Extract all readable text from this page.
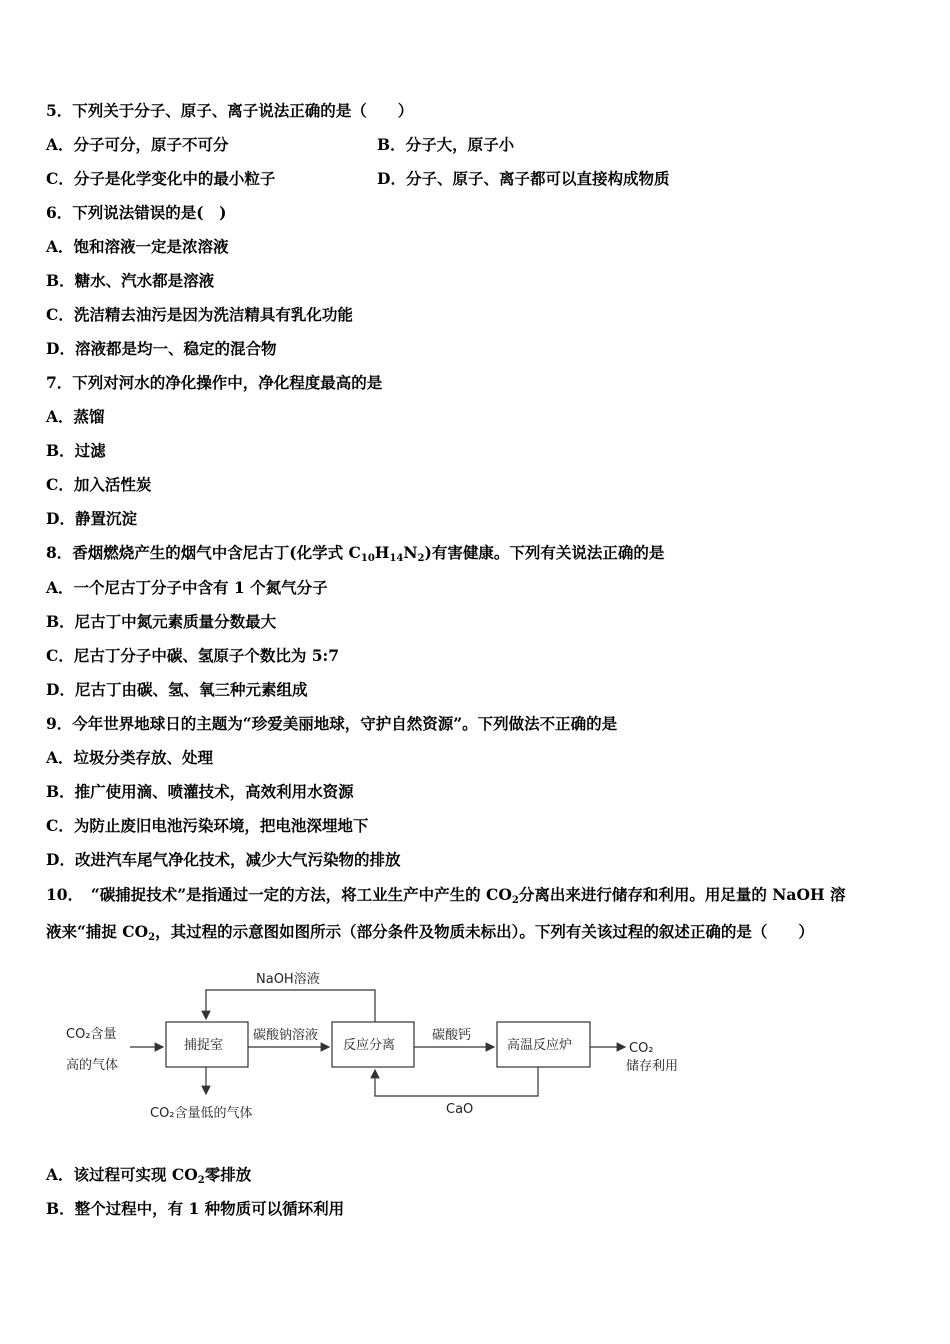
5．下列关于分子、原子、离子说法正确的是（　　）
A．分子可分，原子不可分	B．分子大，原子小
C．分子是化学变化中的最小粒子	D．分子、原子、离子都可以直接构成物质
6．下列说法错误的是(　)
A．饱和溶液一定是浓溶液
B．糖水、汽水都是溶液
C．洗洁精去油污是因为洗洁精具有乳化功能
D．溶液都是均一、稳定的混合物
7．下列对河水的净化操作中，净化程度最高的是
A．蒸馏
B．过滤
C．加入活性炭
D．静置沉淀
8．香烟燃烧产生的烟气中含尼古丁(化学式 $C_{10}H_{14}N_2$)有害健康。下列有关说法正确的是
A．一个尼古丁分子中含有 1 个氮气分子
B．尼古丁中氮元素质量分数最大
C．尼古丁分子中碳、氢原子个数比为 5:7
D．尼古丁由碳、氢、氧三种元素组成
9．今年世界地球日的主题为“珍爱美丽地球，守护自然资源”。下列做法不正确的是
A．垃圾分类存放、处理
B．推广使用滴、喷灌技术，高效利用水资源
C．为防止废旧电池污染环境，把电池深埋地下
D．改进汽车尾气净化技术，减少大气污染物的排放
10．　“碳捕捉技术”是指通过一定的方法，将工业生产中产生的 $CO_2$分离出来进行储存和利用。用足量的 NaOH 溶
液来“捕捉 $CO_2$，其过程的示意图如图所示（部分条件及物质未标出）。下列有关该过程的叙述正确的是（　　）
CO₂含量
高的气体
捕捉室
碳酸钠溶液
反应分离
NaOH溶液
碳酸钙
高温反应炉
CaO
CO₂
储存利用
CO₂含量低的气体
A．该过程可实现 $CO_2$零排放
B．整个过程中，有 1 种物质可以循环利用
